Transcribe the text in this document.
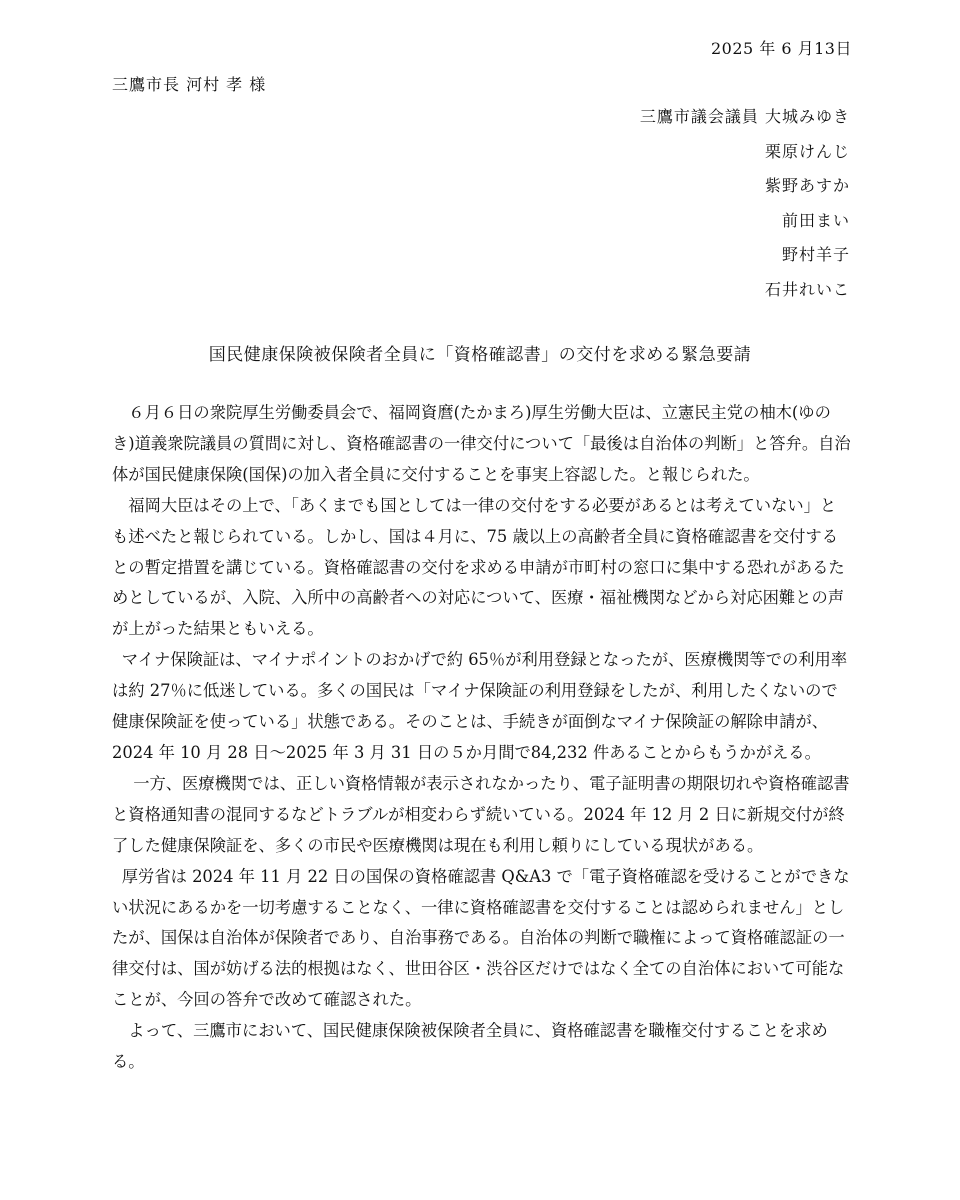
2025 年 6 月13日
三鷹市長 河村 孝 様
三鷹市議会議員 大城みゆき
栗原けんじ
紫野あすか
前田まい
野村羊子
石井れいこ
国民健康保険被保険者全員に「資格確認書」の交付を求める緊急要請

６月６日の衆院厚生労働委員会で、福岡資麿(たかまろ)厚生労働大臣は、立憲民主党の柚木(ゆのき)道義衆院議員の質問に対し、資格確認書の一律交付について「最後は自治体の判断」と答弁。自治体が国民健康保険(国保)の加入者全員に交付することを事実上容認した。と報じられた。

福岡大臣はその上で、「あくまでも国としては一律の交付をする必要があるとは考えていない」とも述べたと報じられている。しかし、国は４月に、75 歳以上の高齢者全員に資格確認書を交付するとの暫定措置を講じている。資格確認書の交付を求める申請が市町村の窓口に集中する恐れがあるためとしているが、入院、入所中の高齢者への対応について、医療・福祉機関などから対応困難との声が上がった結果ともいえる。

マイナ保険証は、マイナポイントのおかげで約 65％が利用登録となったが、医療機関等での利用率は約 27％に低迷している。多くの国民は「マイナ保険証の利用登録をしたが、利用したくないので健康保険証を使っている」状態である。そのことは、手続きが面倒なマイナ保険証の解除申請が、2024 年 10 月 28 日～2025 年 3 月 31 日の５か月間で84,232 件あることからもうかがえる。

一方、医療機関では、正しい資格情報が表示されなかったり、電子証明書の期限切れや資格確認書と資格通知書の混同するなどトラブルが相変わらず続いている。2024 年 12 月 2 日に新規交付が終了した健康保険証を、多くの市民や医療機関は現在も利用し頼りにしている現状がある。

厚労省は 2024 年 11 月 22 日の国保の資格確認書 Q&A3 で「電子資格確認を受けることができない状況にあるかを一切考慮することなく、一律に資格確認書を交付することは認められません」としたが、国保は自治体が保険者であり、自治事務である。自治体の判断で職権によって資格確認証の一律交付は、国が妨げる法的根拠はなく、世田谷区・渋谷区だけではなく全ての自治体において可能なことが、今回の答弁で改めて確認された。

よって、三鷹市において、国民健康保険被保険者全員に、資格確認書を職権交付することを求める。
